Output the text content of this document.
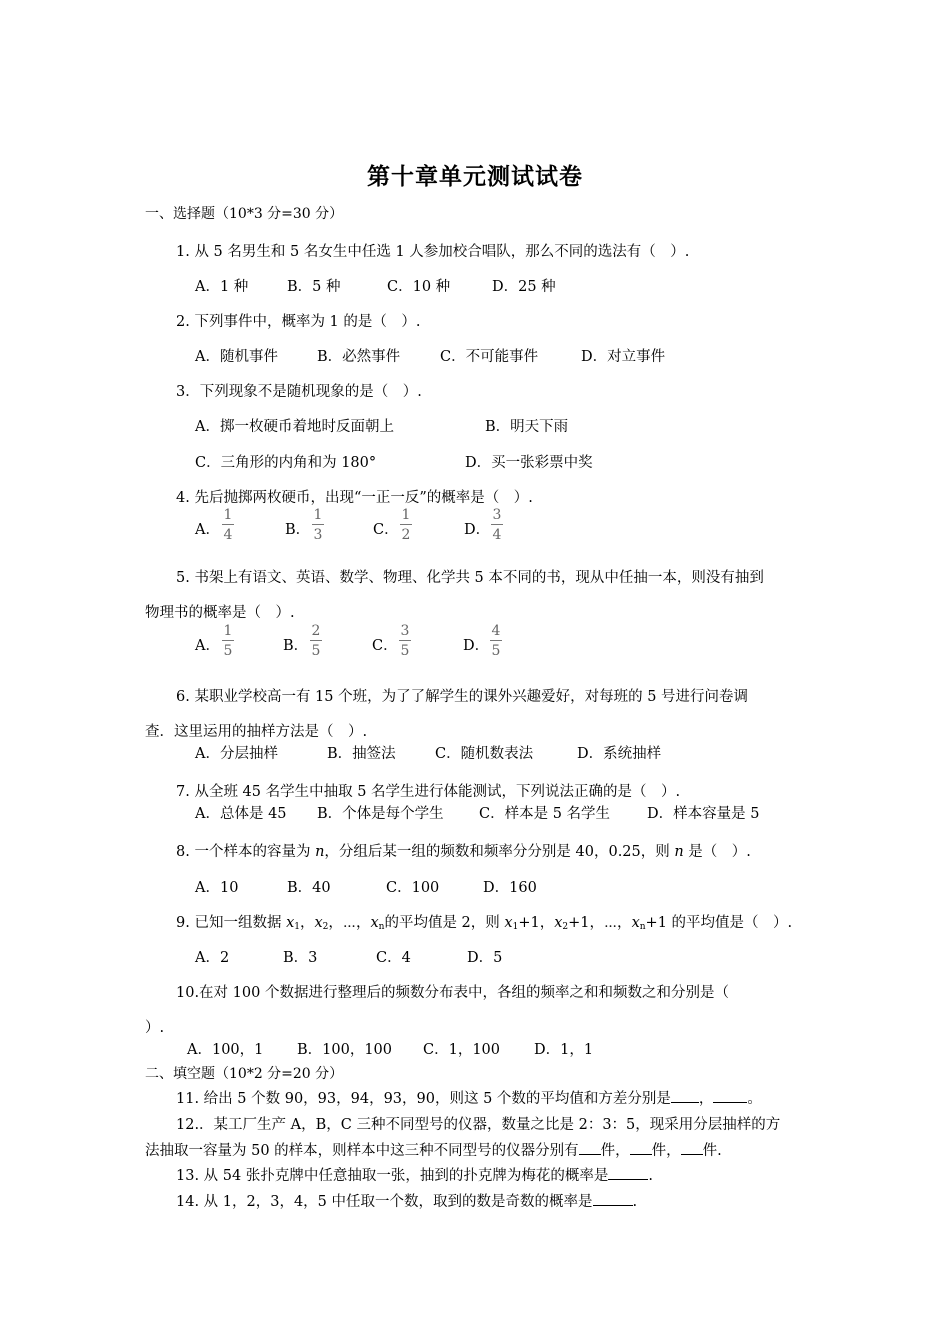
第十章单元测试试卷
一、选择题（10*3 分=30 分）
1. 从 5 名男生和 5 名女生中任选 1 人参加校合唱队，那么不同的选法有（　）.
A．1 种	B．5 种	C．10 种	D．25 种
2. 下列事件中，概率为 1 的是（　）.
A．随机事件	B．必然事件	C．不可能事件	D．对立事件
3．下列现象不是随机现象的是（　）.
A．掷一枚硬币着地时反面朝上	B．明天下雨
C．三角形的内角和为 180°	D．买一张彩票中奖
4. 先后抛掷两枚硬币，出现“一正一反”的概率是（　）.
A．
1
4	B．
1
3	C．
1
2	D．
3
4
5. 书架上有语文、英语、数学、物理、化学共 5 本不同的书，现从中任抽一本，则没有抽到
物理书的概率是（　）.
A．
1
5	B．
2
5	C．
3
5	D．
4
5
6. 某职业学校高一有 15 个班，为了了解学生的课外兴趣爱好，对每班的 5 号进行问卷调
查．这里运用的抽样方法是（　）.
A．分层抽样	B．抽签法	C．随机数表法	D．系统抽样
7. 从全班 45 名学生中抽取 5 名学生进行体能测试，下列说法正确的是（　）.
A．总体是 45 B．个体是每个学生 C．样本是 5 名学生	D．样本容量是 5
8. 一个样本的容量为 n，分组后某一组的频数和频率分分别是 40，0.25，则 n 是（　）.
A．10	B．40	C．100	D．160
9. 已知一组数据 $x_1$，$x_2$，⋯，$x_n$的平均值是 2，则 $x_1+1$，$x_2+1$，⋯，$x_n+1$ 的平均值是（　）.
A．2	B．3	C．4	D．5
10.在对 100 个数据进行整理后的频数分布表中，各组的频率之和和频数之和分别是（
）.
A．100，1 B．100，100 C．1，100 D．1，1
二、填空题（10*2 分=20 分）
11. 给出 5 个数 90，93，94，93，90，则这 5 个数的平均值和方差分别是 ， 。
12.．某工厂生产 A，B，C 三种不同型号的仪器，数量之比是 2：3：5，现采用分层抽样的方
法抽取一容量为 50 的样本，则样本中这三种不同型号的仪器分别有 件， 件， 件.
13. 从 54 张扑克牌中任意抽取一张，抽到的扑克牌为梅花的概率是	.
14. 从 1，2，3，4，5 中任取一个数，取到的数是奇数的概率是	.
